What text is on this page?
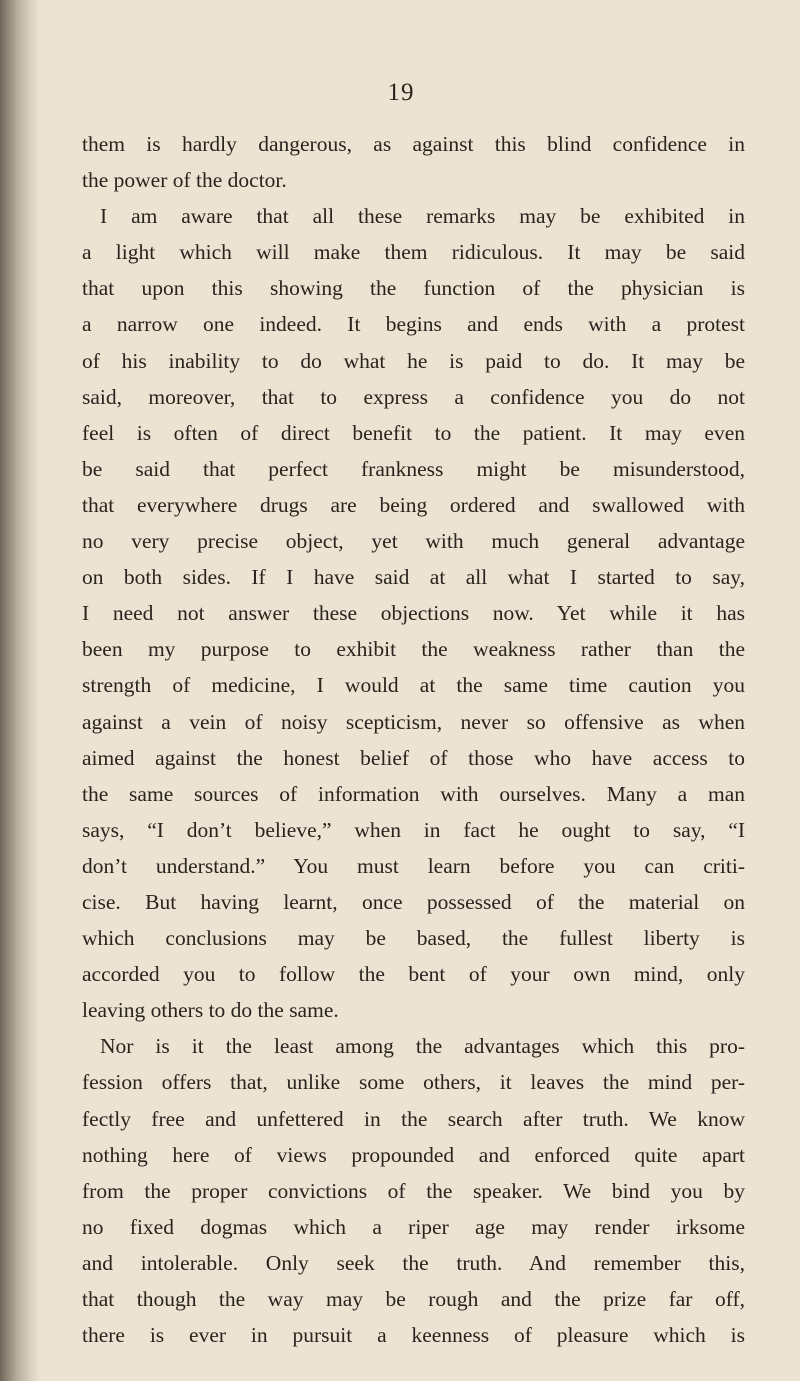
19
them is hardly dangerous, as against this blind confidence in
the power of the doctor.
I am aware that all these remarks may be exhibited in
a light which will make them ridiculous. It may be said
that upon this showing the function of the physician is
a narrow one indeed. It begins and ends with a protest
of his inability to do what he is paid to do. It may be
said, moreover, that to express a confidence you do not
feel is often of direct benefit to the patient. It may even
be said that perfect frankness might be misunderstood,
that everywhere drugs are being ordered and swallowed with
no very precise object, yet with much general advantage
on both sides. If I have said at all what I started to say,
I need not answer these objections now. Yet while it has
been my purpose to exhibit the weakness rather than the
strength of medicine, I would at the same time caution you
against a vein of noisy scepticism, never so offensive as when
aimed against the honest belief of those who have access to
the same sources of information with ourselves. Many a man
says, “I don’t believe,” when in fact he ought to say, “I
don’t understand.” You must learn before you can criti-
cise. But having learnt, once possessed of the material on
which conclusions may be based, the fullest liberty is
accorded you to follow the bent of your own mind, only
leaving others to do the same.
Nor is it the least among the advantages which this pro-
fession offers that, unlike some others, it leaves the mind per-
fectly free and unfettered in the search after truth. We know
nothing here of views propounded and enforced quite apart
from the proper convictions of the speaker. We bind you by
no fixed dogmas which a riper age may render irksome
and intolerable. Only seek the truth. And remember this,
that though the way may be rough and the prize far off,
there is ever in pursuit a keenness of pleasure which is
